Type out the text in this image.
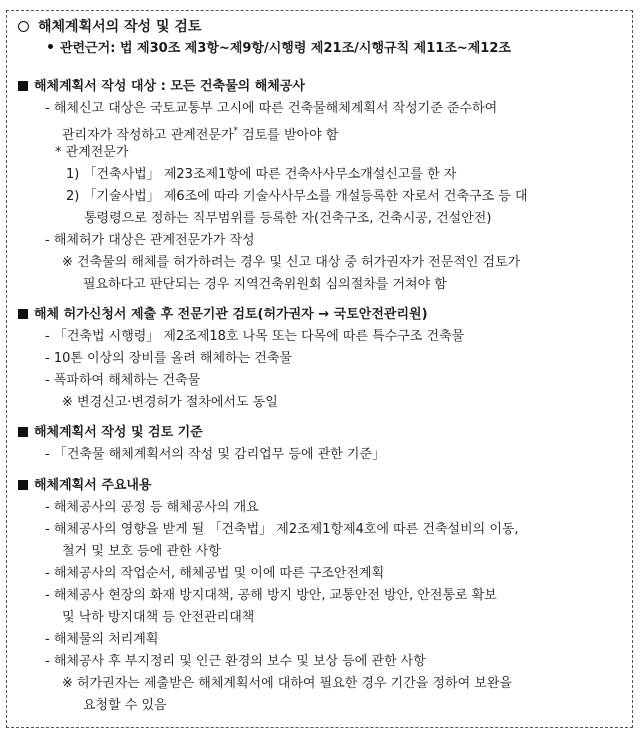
해체계획서의 작성 및 검토
관련근거: 법 제30조 제3항~제9항/시행령 제21조/시행규칙 제11조~제12조
해체계획서 작성 대상 : 모든 건축물의 해체공사
- 해체신고 대상은 국토교통부 고시에 따른 건축물해체계획서 작성기준 준수하여
관리자가 작성하고 관계전문가* 검토를 받아야 함
* 관계전문가
1) 「건축사법」 제23조제1항에 따른 건축사사무소개설신고를 한 자
2) 「기술사법」 제6조에 따라 기술사사무소를 개설등록한 자로서 건축구조 등 대
통령령으로 정하는 직무범위를 등록한 자(건축구조, 건축시공, 건설안전)
- 해체허가 대상은 관계전문가가 작성
※ 건축물의 해체를 허가하려는 경우 및 신고 대상 중 허가권자가 전문적인 검토가
필요하다고 판단되는 경우 지역건축위원회 심의절차를 거쳐야 함
해체 허가신청서 제출 후 전문기관 검토(허가권자 → 국토안전관리원)
- 「건축법 시행령」 제2조제18호 나목 또는 다목에 따른 특수구조 건축물
- 10톤 이상의 장비를 올려 해체하는 건축물
- 폭파하여 해체하는 건축물
※ 변경신고·변경허가 절차에서도 동일
해체계획서 작성 및 검토 기준
- 「건축물 해체계획서의 작성 및 감리업무 등에 관한 기준」
해체계획서 주요내용
- 해체공사의 공정 등 해체공사의 개요
- 해체공사의 영향을 받게 될 「건축법」 제2조제1항제4호에 따른 건축설비의 이동,
철거 및 보호 등에 관한 사항
- 해체공사의 작업순서, 해체공법 및 이에 따른 구조안전계획
- 해체공사 현장의 화재 방지대책, 공해 방지 방안, 교통안전 방안, 안전통로 확보
및 낙하 방지대책 등 안전관리대책
- 해체물의 처리계획
- 해체공사 후 부지정리 및 인근 환경의 보수 및 보상 등에 관한 사항
※ 허가권자는 제출받은 해체계획서에 대하여 필요한 경우 기간을 정하여 보완을
요청할 수 있음
